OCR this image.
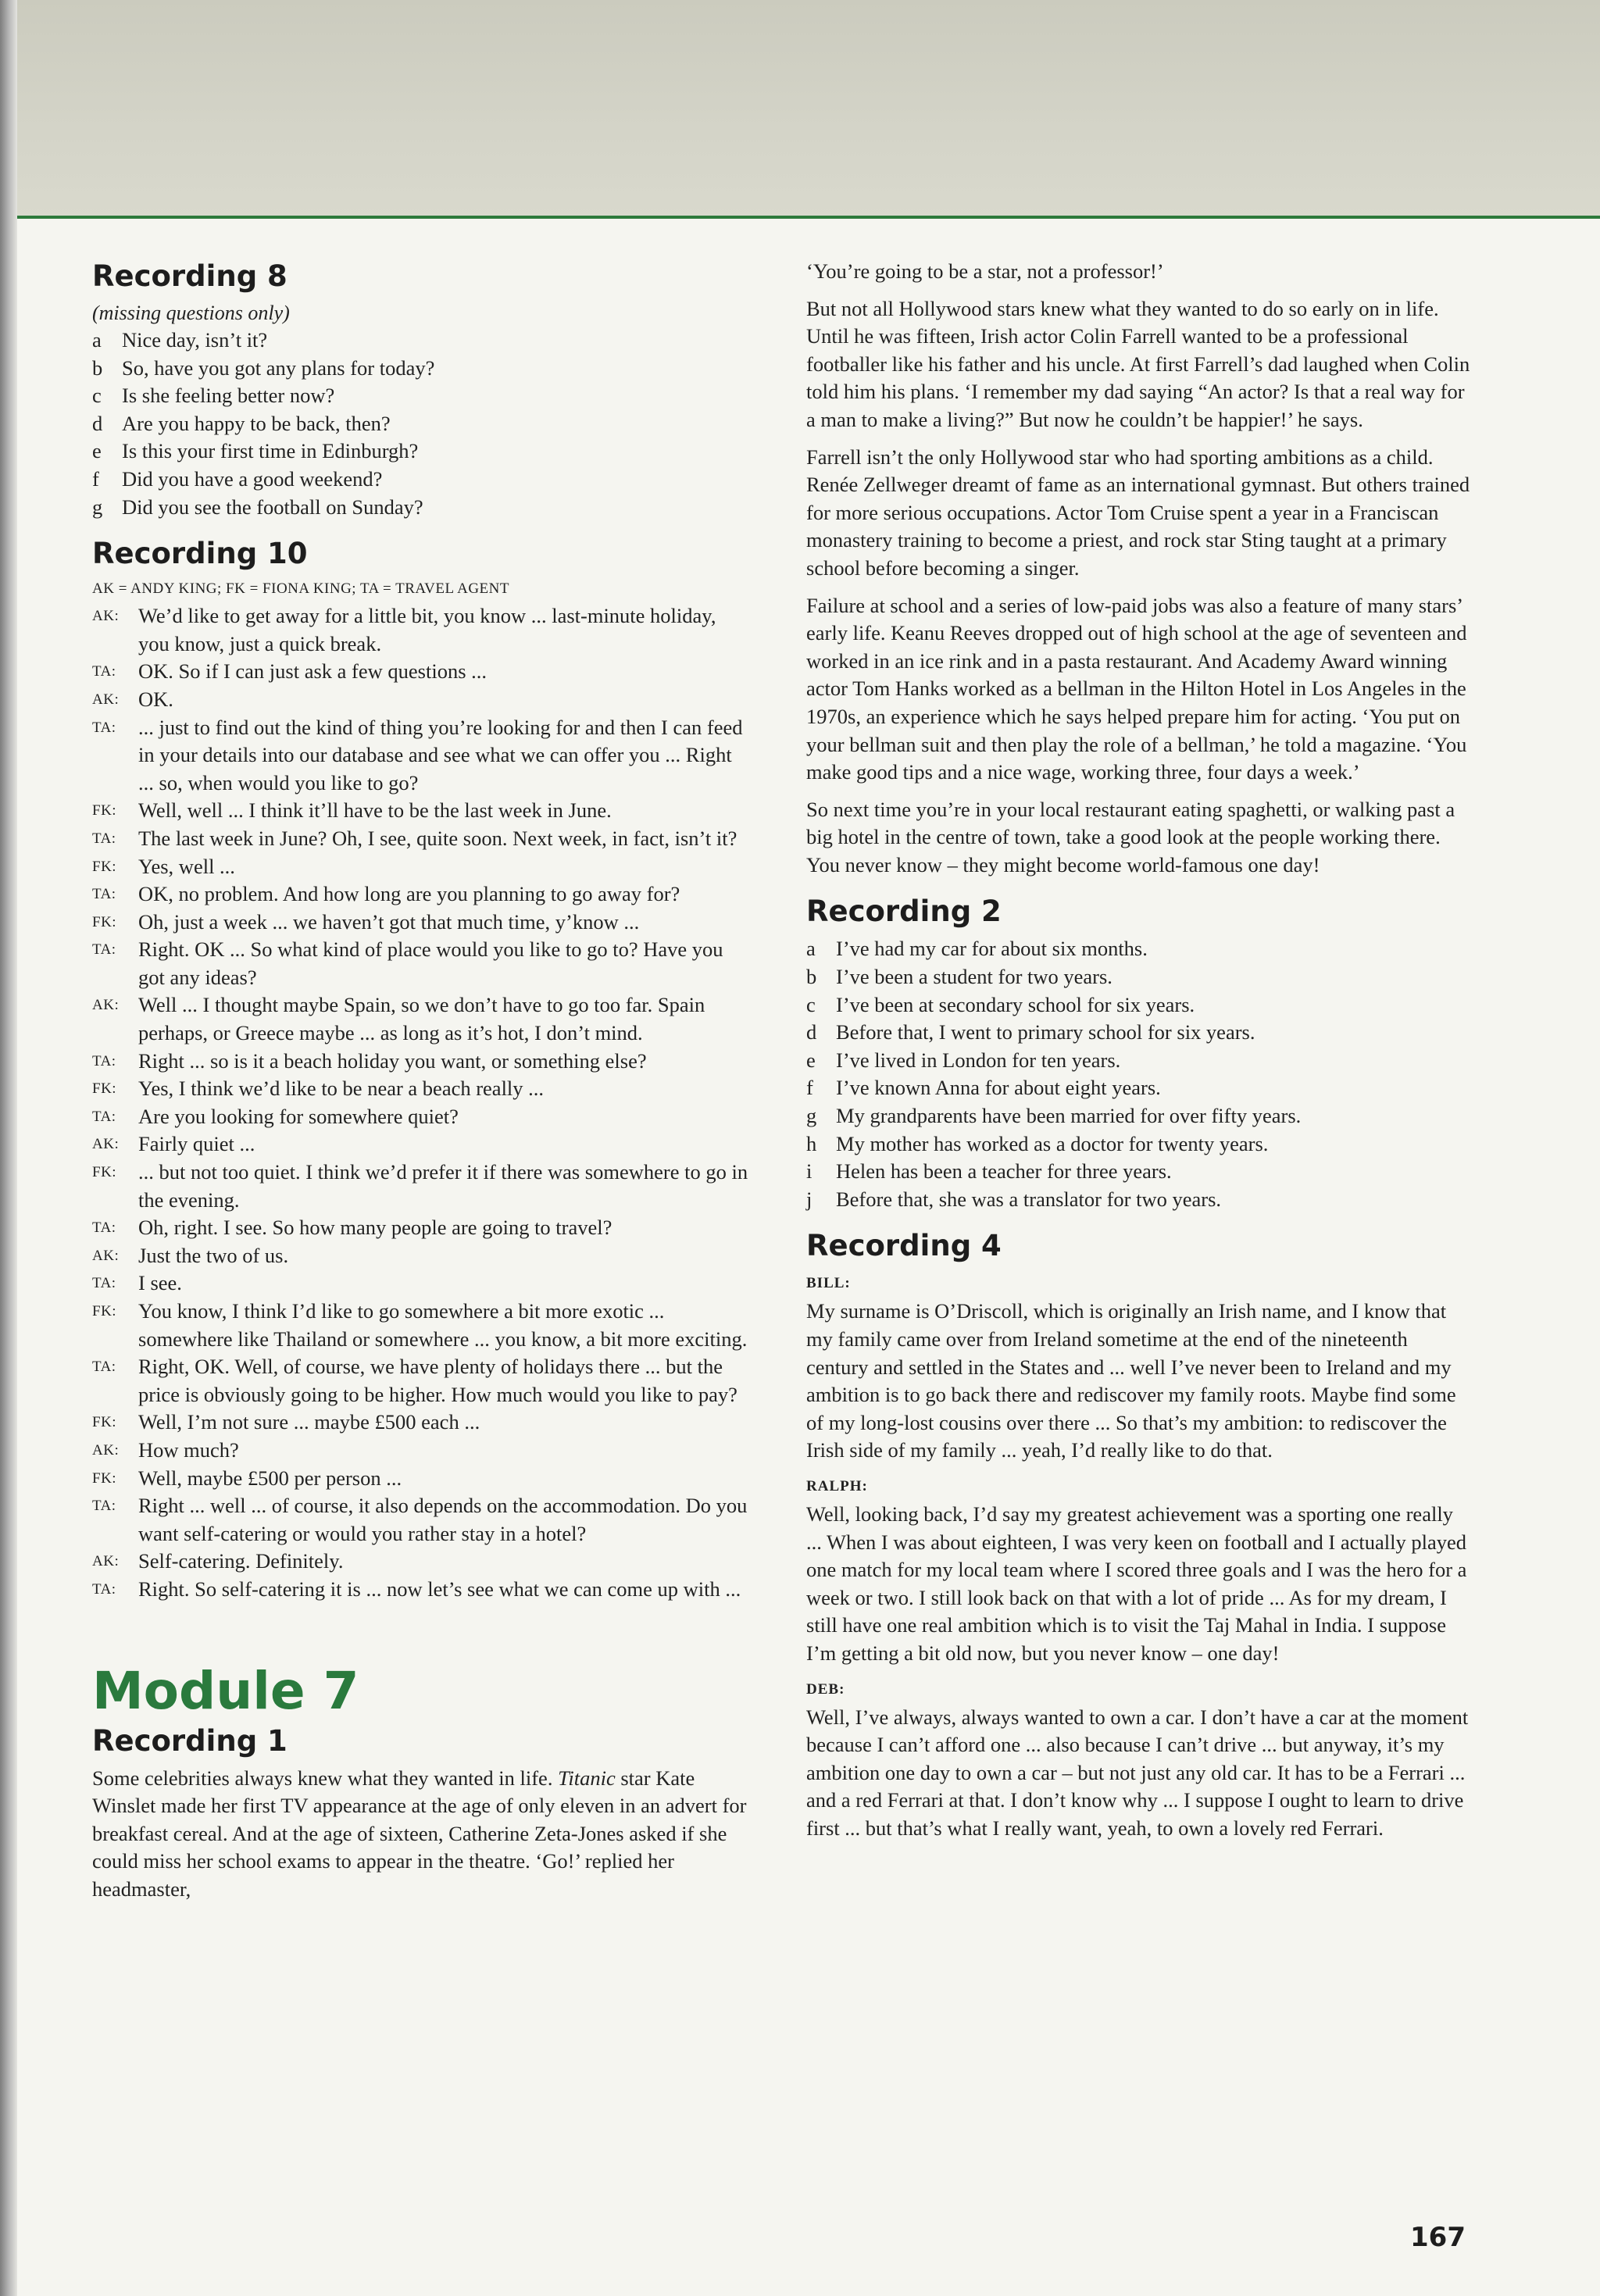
Recording 8
(missing questions only)
a Nice day, isn’t it?
b So, have you got any plans for today?
c Is she feeling better now?
d Are you happy to be back, then?
e Is this your first time in Edinburgh?
f	Did you have a good weekend?
g Did you see the football on Sunday?
Recording 10
AK = ANDY KING; FK = FIONA KING; TA = TRAVEL AGENT
AK: We’d like to get away for a little bit, you know ... last-minute holiday, you know, just a quick break.
TA:	OK. So if I can just ask a few questions ...
AK: OK.
TA:	... just to find out the kind of thing you’re looking for and then I can feed in your details into our database and see what we can offer you ... Right ... so, when would you like to go?
FK:	Well, well ... I think it’ll have to be the last week in June.
TA:	The last week in June? Oh, I see, quite soon. Next week, in fact, isn’t it?
FK:	Yes, well ...
TA:	OK, no problem. And how long are you planning to go away for?
FK:	Oh, just a week ... we haven’t got that much time, y’know ...
TA:	Right. OK ... So what kind of place would you like to go to? Have you got any ideas?
AK: Well ... I thought maybe Spain, so we don’t have to go too far. Spain perhaps, or Greece maybe ... as long as it’s hot, I don’t mind.
TA:	Right ... so is it a beach holiday you want, or something else?
FK:	Yes, I think we’d like to be near a beach really ...
TA:	Are you looking for somewhere quiet?
AK: Fairly quiet ...
FK:	... but not too quiet. I think we’d prefer it if there was somewhere to go in the evening.
TA:	Oh, right. I see. So how many people are going to travel?
AK: Just the two of us.
TA:	I see.
FK:	You know, I think I’d like to go somewhere a bit more exotic ... somewhere like Thailand or somewhere ... you know, a bit more exciting.
TA:	Right, OK. Well, of course, we have plenty of holidays there ... but the price is obviously going to be higher. How much would you like to pay?
FK:	Well, I’m not sure ... maybe £500 each ...
AK: How much?
FK:	Well, maybe £500 per person ...
TA:	Right ... well ... of course, it also depends on the accommodation. Do you want self-catering or would you rather stay in a hotel?
AK: Self-catering. Definitely.
TA:	Right. So self-catering it is ... now let’s see what we can come up with ...
Module 7
Recording 1

Some celebrities always knew what they wanted in life. Titanic star Kate Winslet made her first TV appearance at the age of only eleven in an advert for breakfast cereal. And at the age of sixteen, Catherine Zeta-Jones asked if she could miss her school exams to appear in the theatre. ‘Go!’ replied her headmaster,

‘You’re going to be a star, not a professor!’

But not all Hollywood stars knew what they wanted to do so early on in life. Until he was fifteen, Irish actor Colin Farrell wanted to be a professional footballer like his father and his uncle. At first Farrell’s dad laughed when Colin told him his plans. ‘I remember my dad saying “An actor? Is that a real way for a man to make a living?” But now he couldn’t be happier!’ he says.

Farrell isn’t the only Hollywood star who had sporting ambitions as a child. Renée Zellweger dreamt of fame as an international gymnast. But others trained for more serious occupations. Actor Tom Cruise spent a year in a Franciscan monastery training to become a priest, and rock star Sting taught at a primary school before becoming a singer.

Failure at school and a series of low-paid jobs was also a feature of many stars’ early life. Keanu Reeves dropped out of high school at the age of seventeen and worked in an ice rink and in a pasta restaurant. And Academy Award winning actor Tom Hanks worked as a bellman in the Hilton Hotel in Los Angeles in the 1970s, an experience which he says helped prepare him for acting. ‘You put on your bellman suit and then play the role of a bellman,’ he told a magazine. ‘You make good tips and a nice wage, working three, four days a week.’

So next time you’re in your local restaurant eating spaghetti, or walking past a big hotel in the centre of town, take a good look at the people working there. You never know – they might become world-famous one day!

Recording 2
a I’ve had my car for about six months.
b I’ve been a student for two years.
c I’ve been at secondary school for six years.
d Before that, I went to primary school for six years.
e I’ve lived in London for ten years.
f	I’ve known Anna for about eight years.
g My grandparents have been married for over fifty years.
h My mother has worked as a doctor for twenty years.
i	Helen has been a teacher for three years.
j	Before that, she was a translator for two years.
Recording 4
BILL:

My surname is O’Driscoll, which is originally an Irish name, and I know that my family came over from Ireland sometime at the end of the nineteenth century and settled in the States and ... well I’ve never been to Ireland and my ambition is to go back there and rediscover my family roots. Maybe find some of my long-lost cousins over there ... So that’s my ambition: to rediscover the Irish side of my family ... yeah, I’d really like to do that.

RALPH:

Well, looking back, I’d say my greatest achievement was a sporting one really ... When I was about eighteen, I was very keen on football and I actually played one match for my local team where I scored three goals and I was the hero for a week or two. I still look back on that with a lot of pride ... As for my dream, I still have one real ambition which is to visit the Taj Mahal in India. I suppose I’m getting a bit old now, but you never know – one day!

DEB:

Well, I’ve always, always wanted to own a car. I don’t have a car at the moment because I can’t afford one ... also because I can’t drive ... but anyway, it’s my ambition one day to own a car – but not just any old car. It has to be a Ferrari ... and a red Ferrari at that. I don’t know why ... I suppose I ought to learn to drive first ... but that’s what I really want, yeah, to own a lovely red Ferrari.

167
